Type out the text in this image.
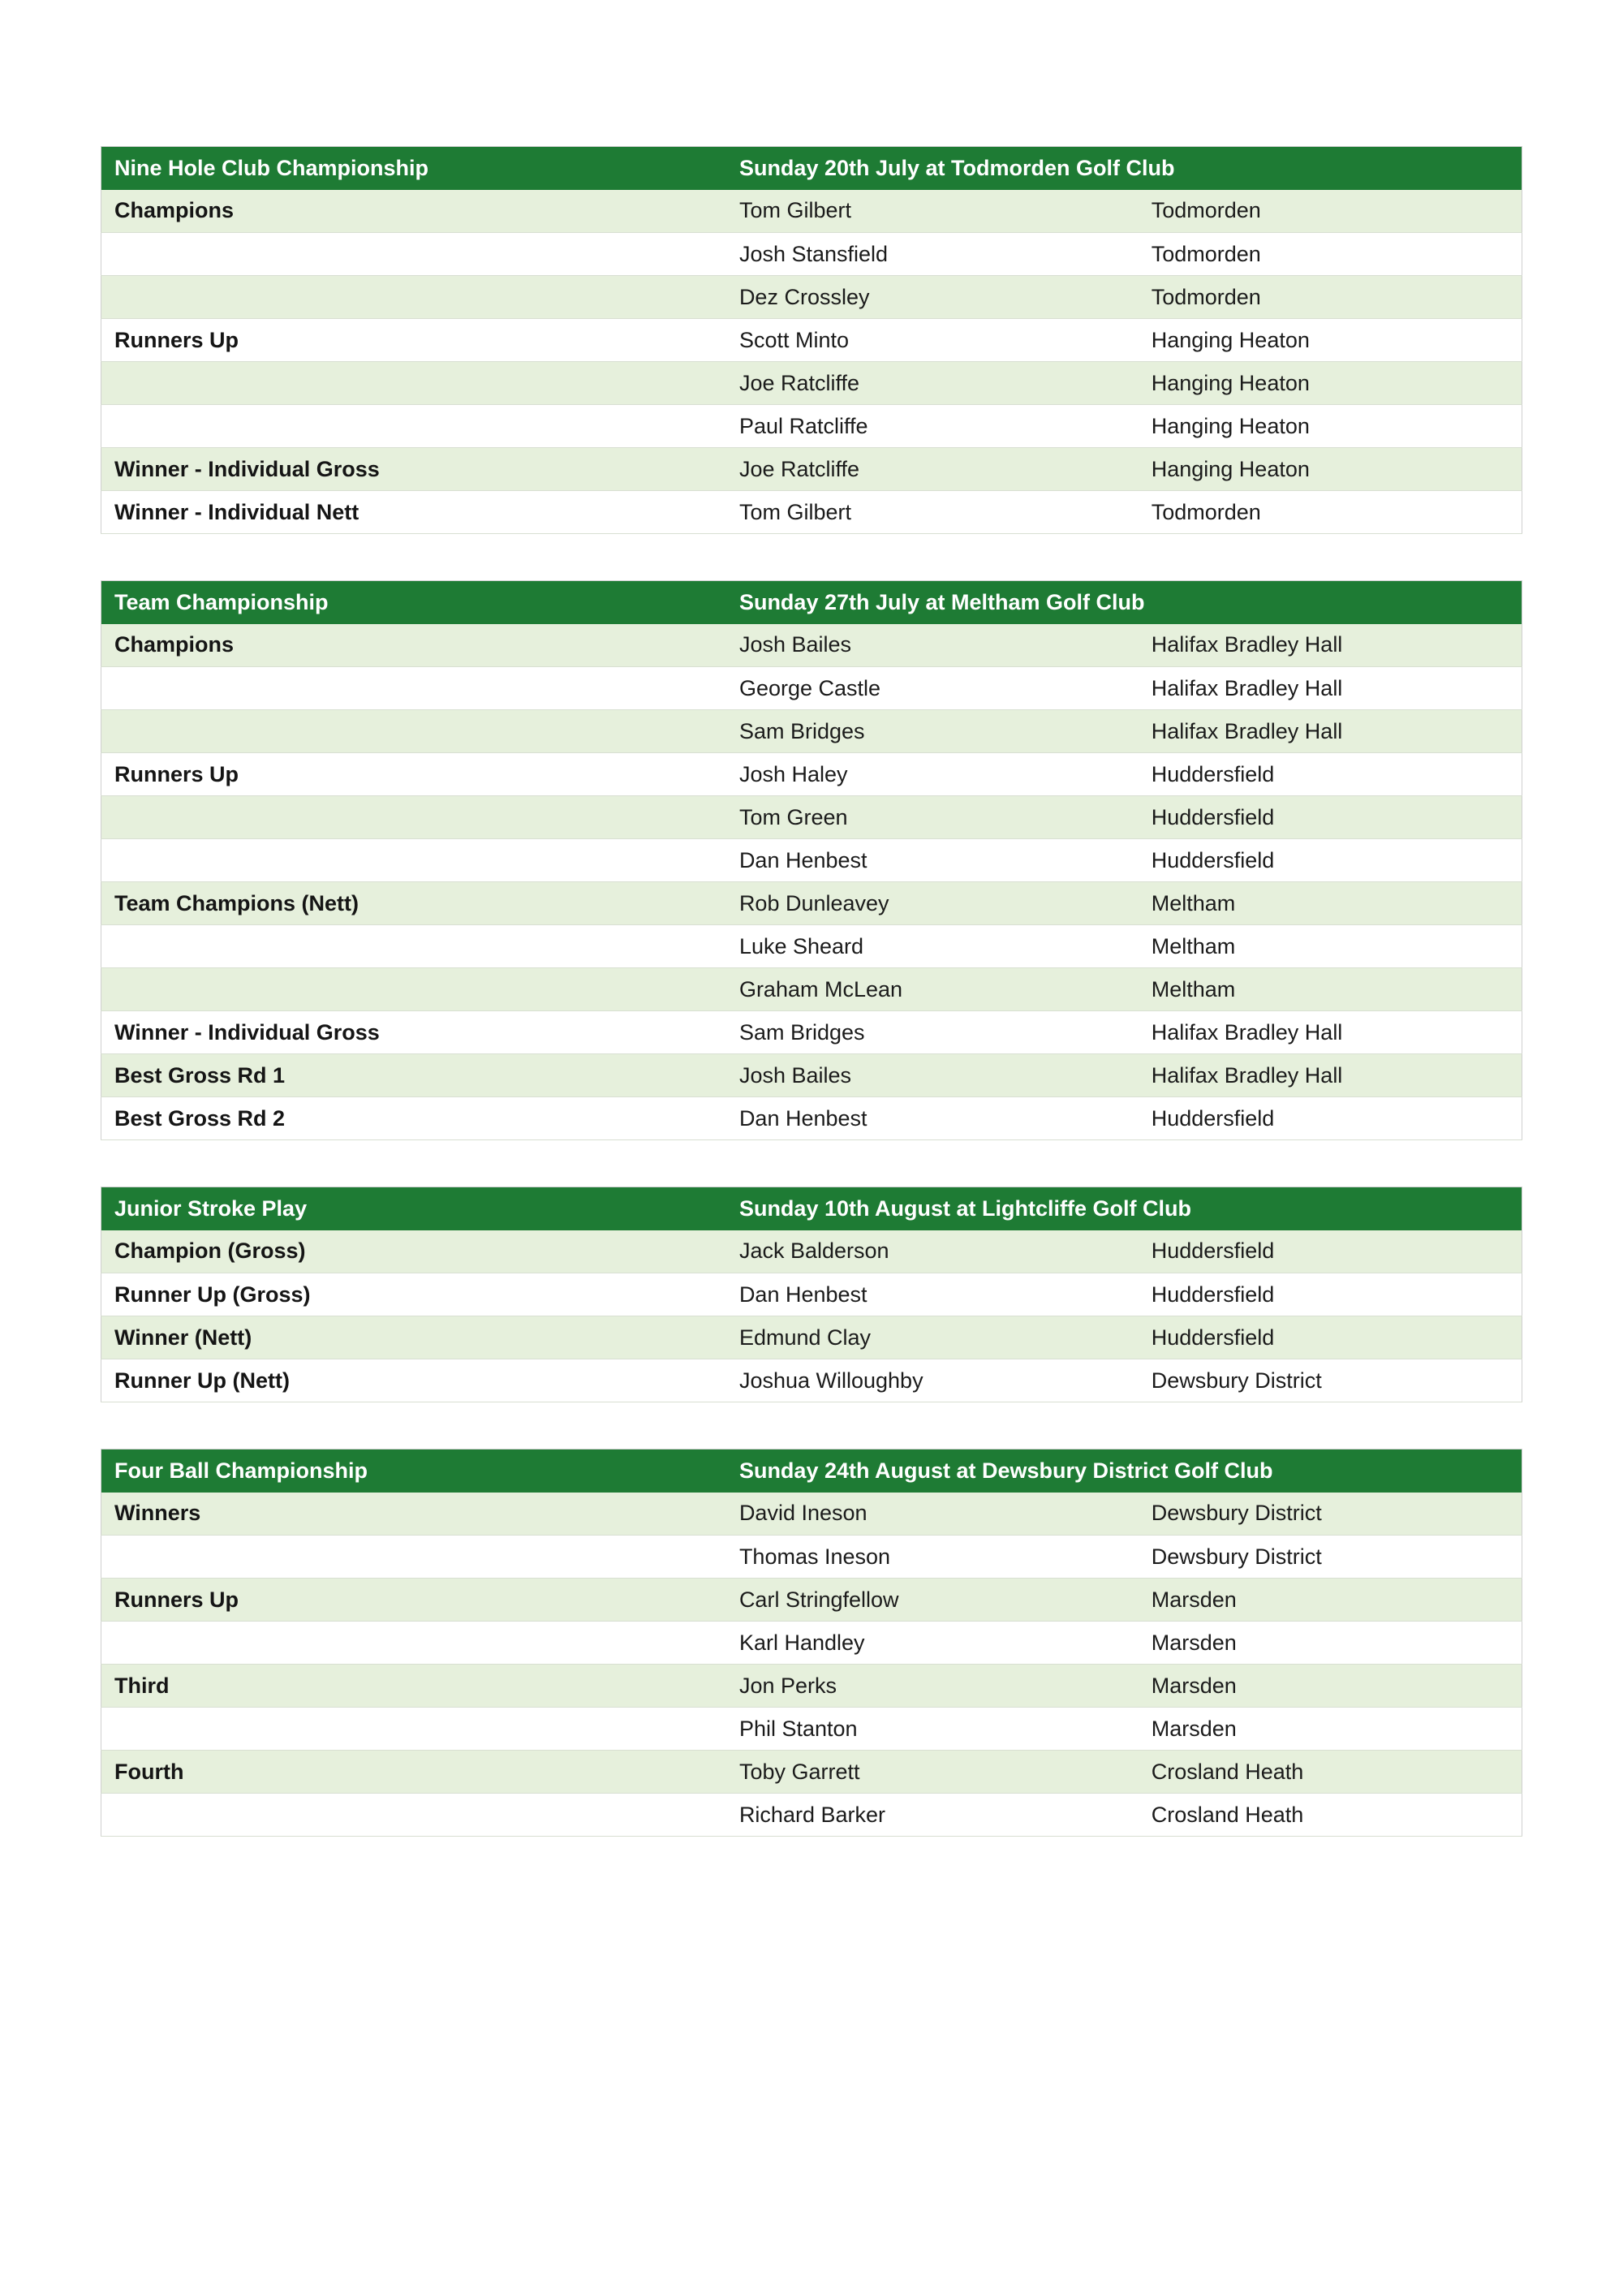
Nine Hole Club Championship	Sunday 20th July at Todmorden Golf Club	
Champions	Tom Gilbert	Todmorden
	Josh Stansfield	Todmorden
	Dez Crossley	Todmorden
Runners Up	Scott Minto	Hanging Heaton
	Joe Ratcliffe	Hanging Heaton
	Paul Ratcliffe	Hanging Heaton
Winner - Individual Gross	Joe Ratcliffe	Hanging Heaton
Winner - Individual Nett	Tom Gilbert	Todmorden
Team Championship	Sunday 27th July at Meltham Golf Club	
Champions	Josh Bailes	Halifax Bradley Hall
	George Castle	Halifax Bradley Hall
	Sam Bridges	Halifax Bradley Hall
Runners Up	Josh Haley	Huddersfield
	Tom Green	Huddersfield
	Dan Henbest	Huddersfield
Team Champions (Nett)	Rob Dunleavey	Meltham
	Luke Sheard	Meltham
	Graham McLean	Meltham
Winner - Individual Gross	Sam Bridges	Halifax Bradley Hall
Best Gross Rd 1	Josh Bailes	Halifax Bradley Hall
Best Gross Rd 2	Dan Henbest	Huddersfield
Junior Stroke Play	Sunday 10th August at Lightcliffe Golf Club	
Champion (Gross)	Jack Balderson	Huddersfield
Runner Up (Gross)	Dan Henbest	Huddersfield
Winner (Nett)	Edmund Clay	Huddersfield
Runner Up (Nett)	Joshua Willoughby	Dewsbury District
Four Ball Championship	Sunday 24th August at Dewsbury District Golf Club	
Winners	David Ineson	Dewsbury District
	Thomas Ineson	Dewsbury District
Runners Up	Carl Stringfellow	Marsden
	Karl Handley	Marsden
Third	Jon Perks	Marsden
	Phil Stanton	Marsden
Fourth	Toby Garrett	Crosland Heath
	Richard Barker	Crosland Heath
